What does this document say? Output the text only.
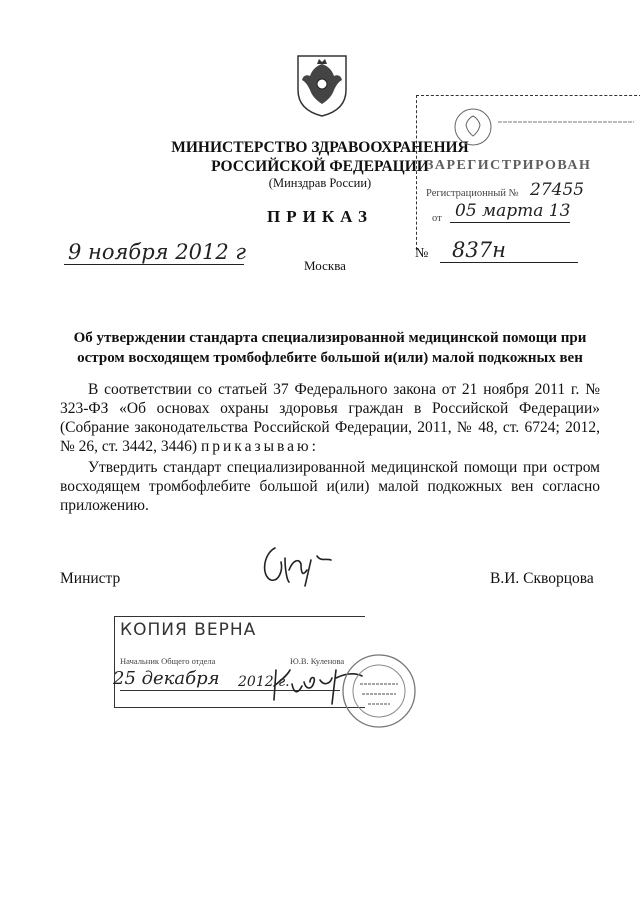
МИНИСТЕРСТВО ЗДРАВООХРАНЕНИЯ
РОССИЙСКОЙ ФЕДЕРАЦИИ
(Минздрав России)
ПРИКАЗ
ЗАРЕГИСТРИРОВАН
Регистрационный № 27455
от 05 марта 13
9 ноября 2012 г
Москва
№ 837н
Об утверждении стандарта специализированной медицинской помощи при
остром восходящем тромбофлебите большой и(или) малой подкожных вен
В соответствии со статьей 37 Федерального закона от 21 ноября 2011 г. № 323-ФЗ «Об основах охраны здоровья граждан в Российской Федерации» (Собрание законодательства Российской Федерации, 2011, № 48, ст. 6724; 2012, № 26, ст. 3442, 3446) приказываю:
Утвердить стандарт специализированной медицинской помощи при остром восходящем тромбофлебите большой и(или) малой подкожных вен согласно приложению.
Министр	В.И. Скворцова
КОПИЯ ВЕРНА
Начальник Общего отдела	Ю.В. Куленова
25 декабря 2012 г.
